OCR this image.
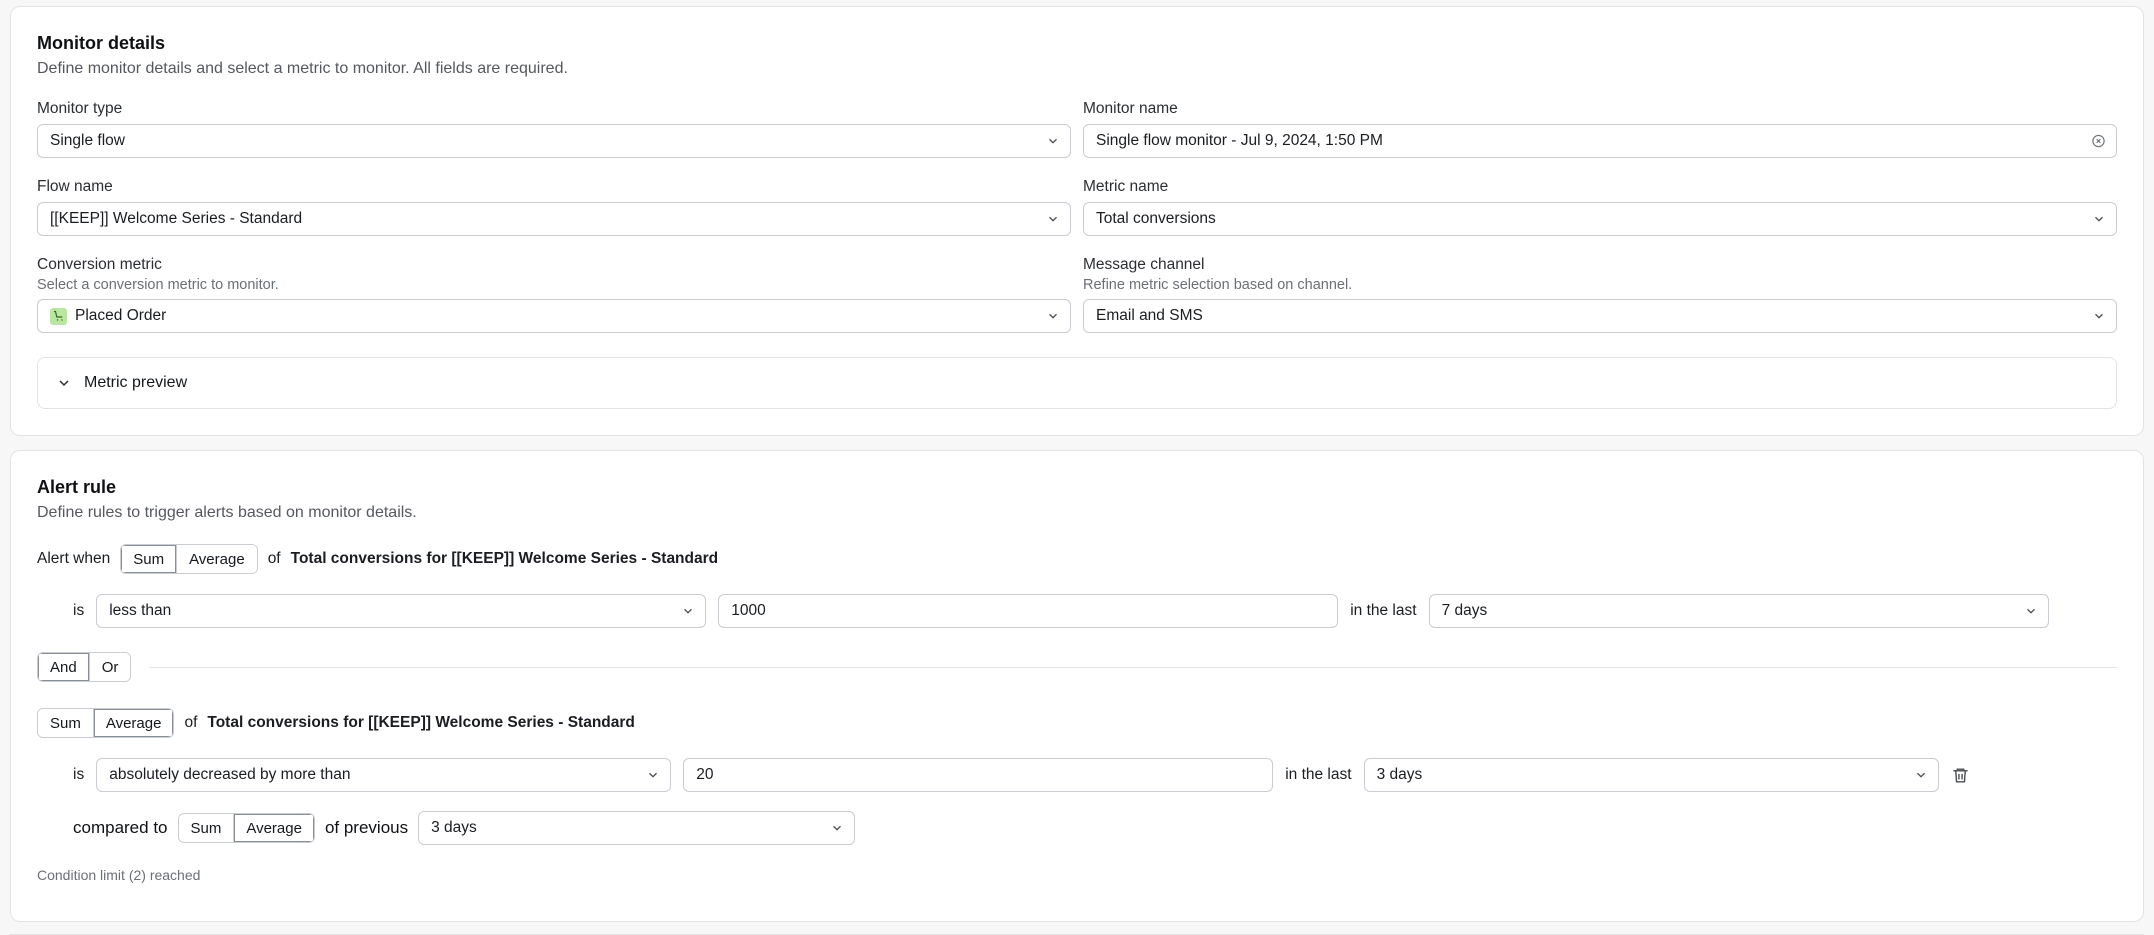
Monitor details
Define monitor details and select a metric to monitor. All fields are required.
Monitor type
Single flow
Monitor name
Single flow monitor - Jul 9, 2024, 1:50 PM
Flow name
[[KEEP]] Welcome Series - Standard
Metric name
Total conversions
Conversion metric
Select a conversion metric to monitor.
Placed Order
Message channel
Refine metric selection based on channel.
Email and SMS
Metric preview
Alert rule
Define rules to trigger alerts based on monitor details.
Alert when	Sum	Average	of Total conversions for [[KEEP]] Welcome Series - Standard
is less than	1000	in the last 7 days
And	Or
Sum	Average	of Total conversions for [[KEEP]] Welcome Series - Standard
is absolutely decreased by more than	20	in the last 3 days
compared to	Sum	Average	of previous 3 days
Condition limit (2) reached
